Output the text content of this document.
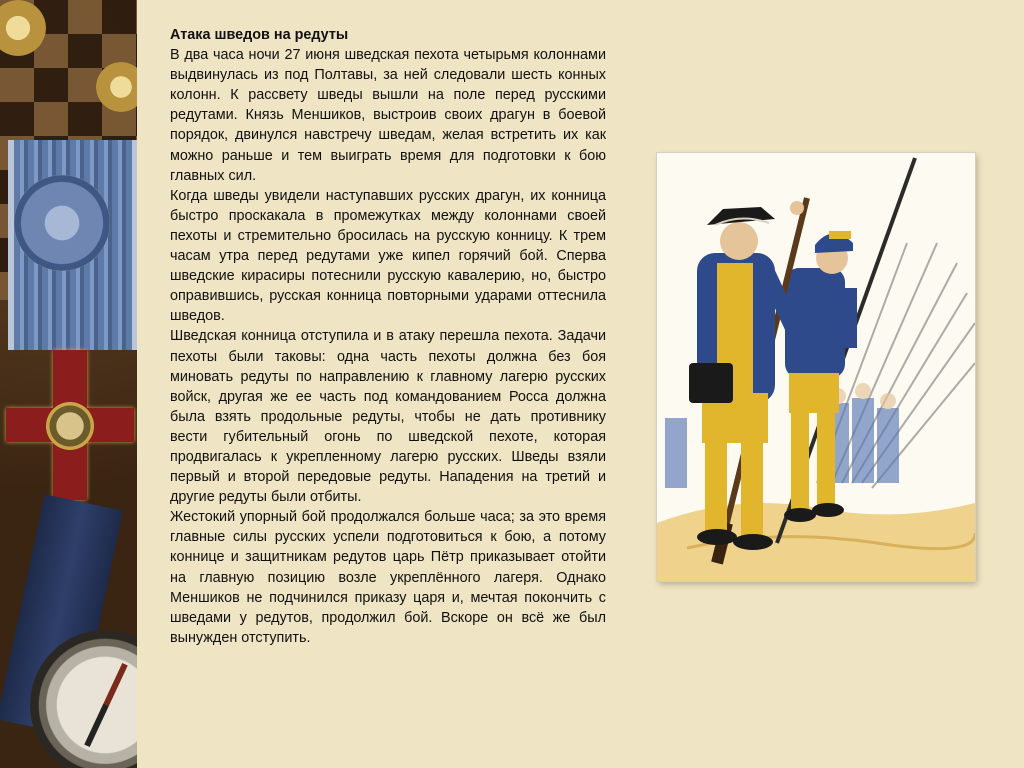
Атака шведов на редуты

В два часа ночи 27 июня шведская пехота четырьмя колоннами выдвинулась из под Полтавы, за ней следовали шесть конных колонн. К рассвету шведы вышли на поле перед русскими редутами. Князь Меншиков, выстроив своих драгун в боевой порядок, двинулся навстречу шведам, желая встретить их как можно раньше и тем выиграть время для подготовки к бою главных сил.

Когда шведы увидели наступавших русских драгун, их конница быстро проскакала в промежутках между колоннами своей пехоты и стремительно бросилась на русскую конницу. К трем часам утра перед редутами уже кипел горячий бой. Сперва шведские кирасиры потеснили русскую кавалерию, но, быстро оправившись, русская конница повторными ударами оттеснила шведов.

Шведская конница отступила и в атаку перешла пехота. Задачи пехоты были таковы: одна часть пехоты должна без боя миновать редуты по направлению к главному лагерю русских войск, другая же ее часть под командованием Росса должна была взять продольные редуты, чтобы не дать противнику вести губительный огонь по шведской пехоте, которая продвигалась к укрепленному лагерю русских. Шведы взяли первый и второй передовые редуты. Нападения на третий и другие редуты были отбиты.

Жестокий упорный бой продолжался больше часа; за это время главные силы русских успели подготовиться к бою, а потому коннице и защитникам редутов царь Пётр приказывает отойти на главную позицию возле укреплённого лагеря. Однако Меншиков не подчинился приказу царя и, мечтая покончить с шведами у редутов, продолжил бой. Вскоре он всё же был вынужден отступить.
